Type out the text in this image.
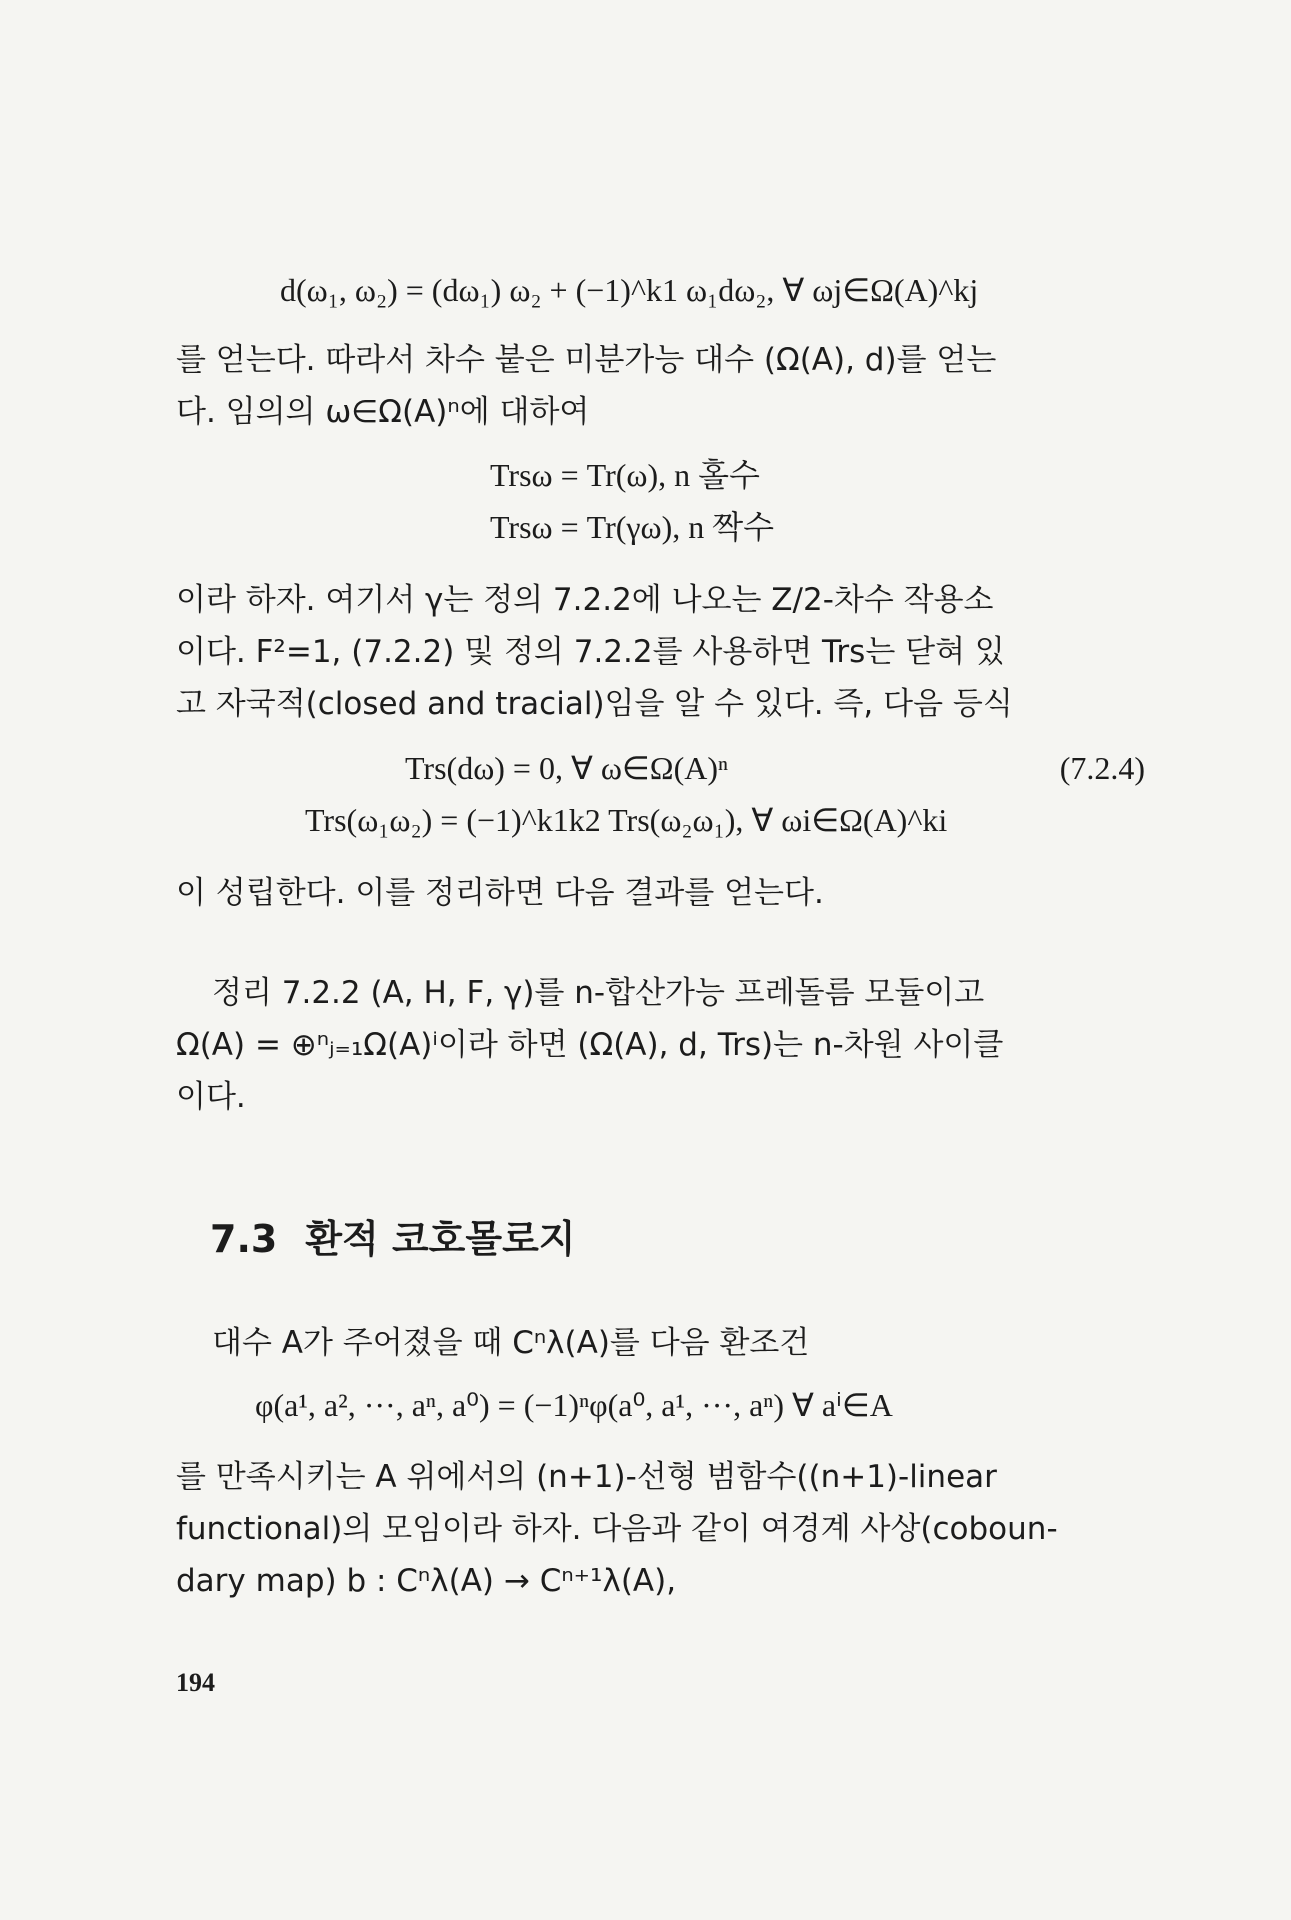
d(ω₁, ω₂) = (dω₁) ω₂ + (−1)^k1 ω₁dω₂, ∀ ωj∈Ω(A)^kj
를 얻는다. 따라서 차수 붙은 미분가능 대수 (Ω(A), d)를 얻는
다. 임의의 ω∈Ω(A)ⁿ에 대하여
Trsω = Tr(ω), n 홀수
Trsω = Tr(γω), n 짝수
이라 하자. 여기서 γ는 정의 7.2.2에 나오는 Z/2-차수 작용소
이다. F²=1, (7.2.2) 및 정의 7.2.2를 사용하면 Trs는 닫혀 있
고 자국적(closed and tracial)임을 알 수 있다. 즉, 다음 등식
Trs(dω) = 0, ∀ ω∈Ω(A)ⁿ	(7.2.4)
Trs(ω₁ω₂) = (−1)^k1k2 Trs(ω₂ω₁), ∀ ωi∈Ω(A)^ki
이 성립한다. 이를 정리하면 다음 결과를 얻는다.
정리 7.2.2 (A, H, F, γ)를 n-합산가능 프레돌름 모듈이고
Ω(A) = ⊕ⁿⱼ₌₁Ω(A)ⁱ이라 하면 (Ω(A), d, Trs)는 n-차원 사이클
이다.
7.3 환적 코호몰로지
대수 A가 주어졌을 때 Cⁿλ(A)를 다음 환조건
φ(a¹, a², ···, aⁿ, a⁰) = (−1)ⁿφ(a⁰, a¹, ···, aⁿ) ∀ aⁱ∈A
를 만족시키는 A 위에서의 (n+1)-선형 범함수((n+1)-linear
functional)의 모임이라 하자. 다음과 같이 여경계 사상(coboun-
dary map) b : Cⁿλ(A) → Cⁿ⁺¹λ(A),
194
